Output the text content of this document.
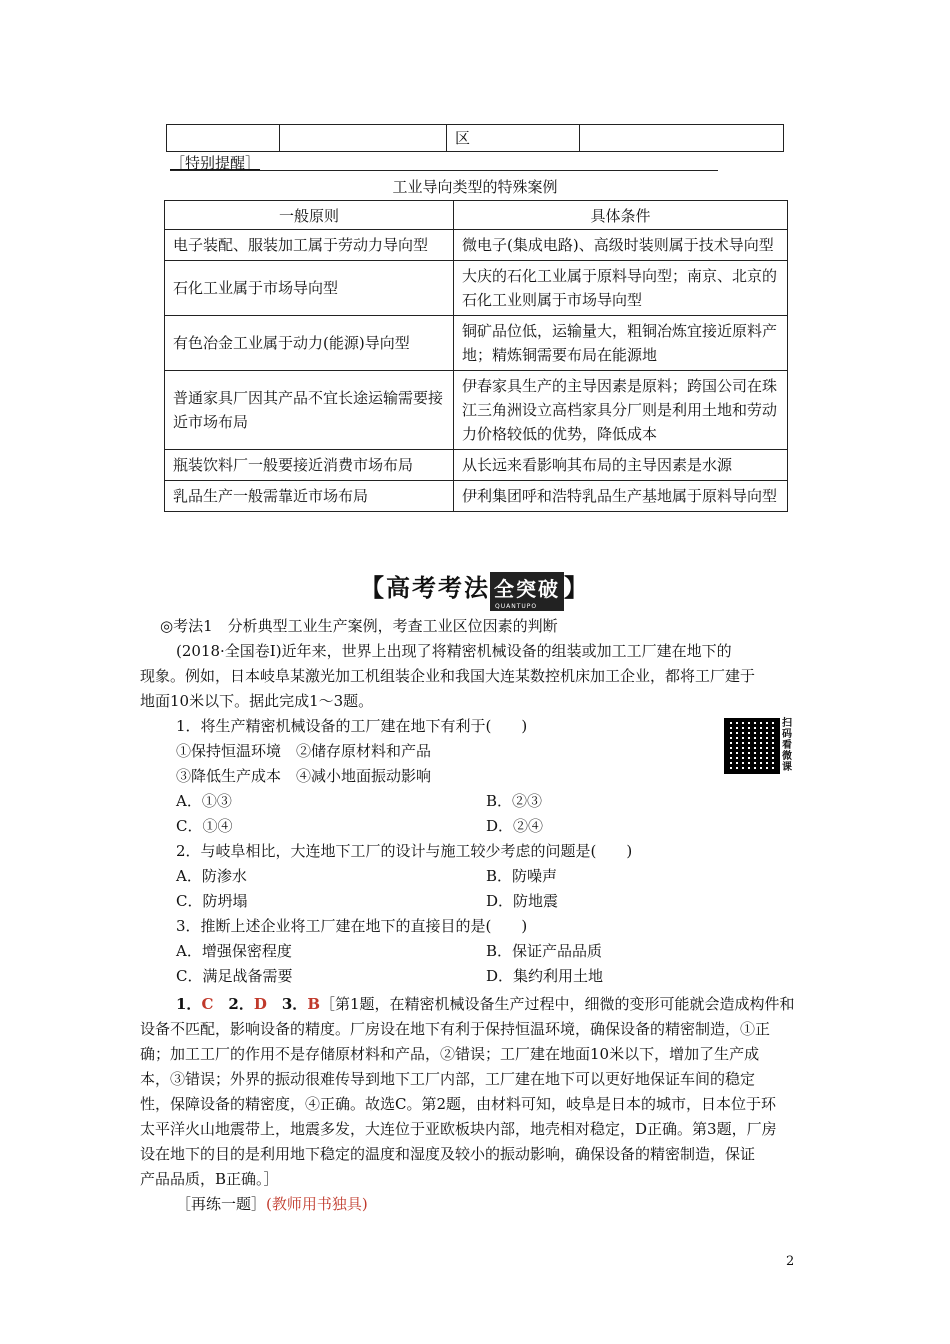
		区	
［特别提醒］
工业导向类型的特殊案例
一般原则	具体条件
电子装配、服装加工属于劳动力导向型	微电子(集成电路)、高级时装则属于技术导向型
石化工业属于市场导向型	大庆的石化工业属于原料导向型；南京、北京的石化工业则属于市场导向型
有色冶金工业属于动力(能源)导向型	铜矿品位低，运输量大，粗铜冶炼宜接近原料产地；精炼铜需要布局在能源地
普通家具厂因其产品不宜长途运输需要接近市场布局	伊春家具生产的主导因素是原料；跨国公司在珠江三角洲设立高档家具分厂则是利用土地和劳动力价格较低的优势，降低成本
瓶装饮料厂一般要接近消费市场布局	从长远来看影响其布局的主导因素是水源
乳品生产一般需靠近市场布局	伊利集团呼和浩特乳品生产基地属于原料导向型
【高考考法 全突破
QUANTUPO
】
◎考法1　分析典型工业生产案例，考查工业区位因素的判断
(2018·全国卷Ⅰ)近年来，世界上出现了将精密机械设备的组装或加工工厂建在地下的
现象。例如，日本岐阜某激光加工机组装企业和我国大连某数控机床加工企业，都将工厂建于
地面10米以下。据此完成1～3题。
1．将生产精密机械设备的工厂建在地下有利于(　　)
①保持恒温环境　②储存原材料和产品
③降低生产成本　④减小地面振动影响
A．①③	B．②③
C．①④	D．②④
2．与岐阜相比，大连地下工厂的设计与施工较少考虑的问题是(　　)
A．防渗水	B．防噪声
C．防坍塌	D．防地震
3．推断上述企业将工厂建在地下的直接目的是(　　)
A．增强保密程度	B．保证产品品质
C．满足战备需要	D．集约利用土地
1．C　 2．D　 3．B［第1题，在精密机械设备生产过程中，细微的变形可能就会造成构件和
设备不匹配，影响设备的精度。厂房设在地下有利于保持恒温环境，确保设备的精密制造，①正
确；加工工厂的作用不是存储原材料和产品，②错误；工厂建在地面10米以下，增加了生产成
本，③错误；外界的振动很难传导到地下工厂内部，工厂建在地下可以更好地保证车间的稳定
性，保障设备的精密度，④正确。故选C。第2题，由材料可知，岐阜是日本的城市，日本位于环
太平洋火山地震带上，地震多发，大连位于亚欧板块内部，地壳相对稳定，D正确。第3题，厂房
设在地下的目的是利用地下稳定的温度和湿度及较小的振动影响，确保设备的精密制造，保证
产品品质，B正确。］
［再练一题］(教师用书独具)
扫码看微课
2
